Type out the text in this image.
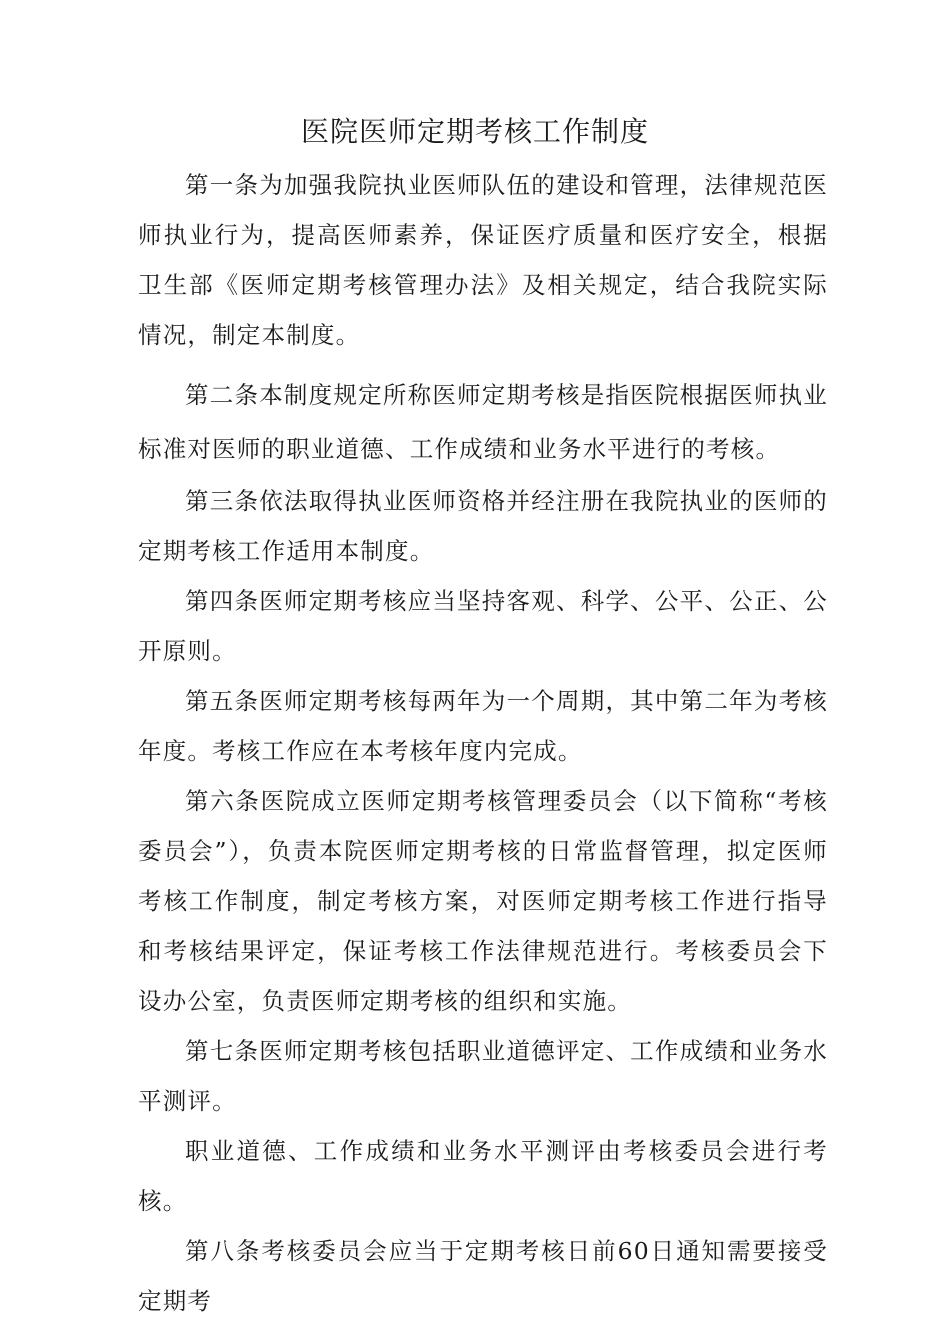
医院医师定期考核工作制度

第一条为加强我院执业医师队伍的建设和管理，法律规范医师执业行为，提高医师素养，保证医疗质量和医疗安全，根据卫生部《医师定期考核管理办法》及相关规定，结合我院实际情况，制定本制度。

第二条本制度规定所称医师定期考核是指医院根据医师执业标准对医师的职业道德、工作成绩和业务水平进行的考核。

第三条依法取得执业医师资格并经注册在我院执业的医师的定期考核工作适用本制度。

第四条医师定期考核应当坚持客观、科学、公平、公正、公开原则。

第五条医师定期考核每两年为一个周期，其中第二年为考核年度。考核工作应在本考核年度内完成。

第六条医院成立医师定期考核管理委员会（以下简称“考核委员会”），负责本院医师定期考核的日常监督管理，拟定医师考核工作制度，制定考核方案，对医师定期考核工作进行指导和考核结果评定，保证考核工作法律规范进行。考核委员会下设办公室，负责医师定期考核的组织和实施。

第七条医师定期考核包括职业道德评定、工作成绩和业务水平测评。

职业道德、工作成绩和业务水平测评由考核委员会进行考核。

第八条考核委员会应当于定期考核日前60日通知需要接受定期考
